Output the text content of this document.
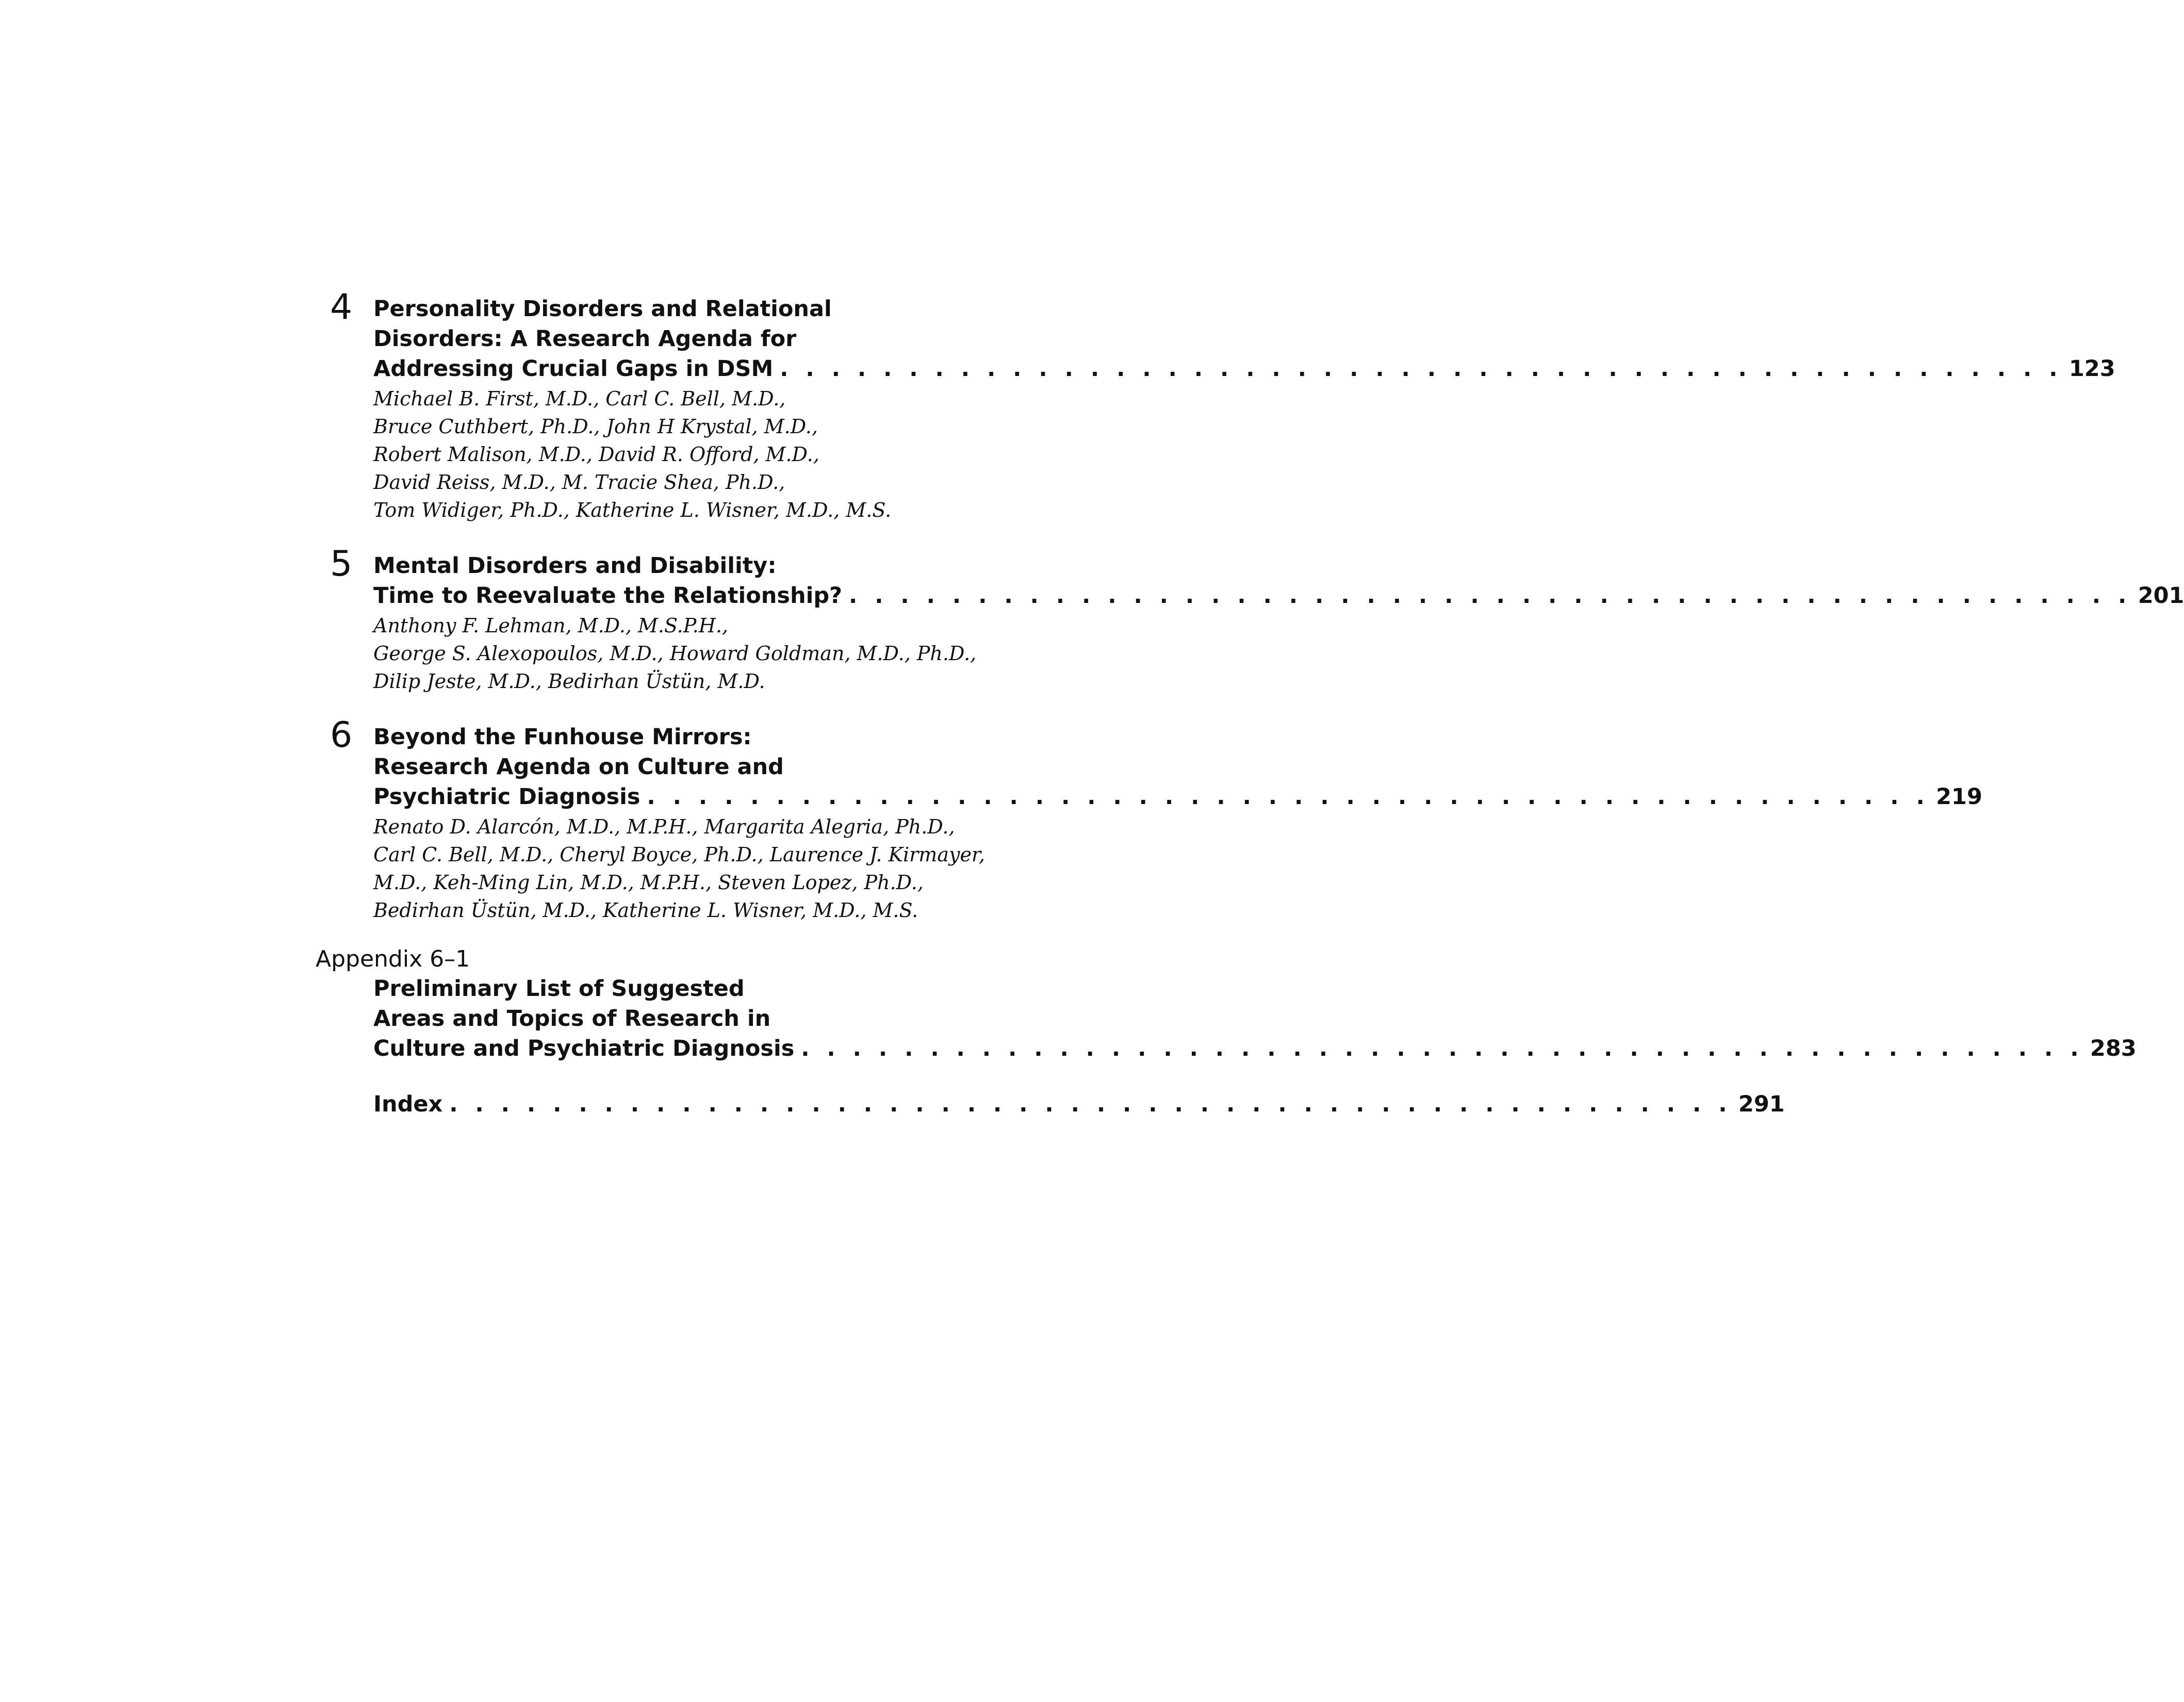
4 Personality Disorders and Relational
Disorders: A Research Agenda for
Addressing Crucial Gaps in DSM . . . . . . . . . . . . . . . . . . . . . . . . . . . . . . . . . . . . . . . . . . . . . . . . . . 123
Michael B. First, M.D., Carl C. Bell, M.D.,
Bruce Cuthbert, Ph.D., John H Krystal, M.D.,
Robert Malison, M.D., David R. Offord, M.D.,
David Reiss, M.D., M. Tracie Shea, Ph.D.,
Tom Widiger, Ph.D., Katherine L. Wisner, M.D., M.S.
5 Mental Disorders and Disability:
Time to Reevaluate the Relationship? . . . . . . . . . . . . . . . . . . . . . . . . . . . . . . . . . . . . . . . . . . . . . . . . . . 201
Anthony F. Lehman, M.D., M.S.P.H.,
George S. Alexopoulos, M.D., Howard Goldman, M.D., Ph.D.,
Dilip Jeste, M.D., Bedirhan Üstün, M.D.
6 Beyond the Funhouse Mirrors:
Research Agenda on Culture and
Psychiatric Diagnosis . . . . . . . . . . . . . . . . . . . . . . . . . . . . . . . . . . . . . . . . . . . . . . . . . . 219
Renato D. Alarcón, M.D., M.P.H., Margarita Alegria, Ph.D.,
Carl C. Bell, M.D., Cheryl Boyce, Ph.D., Laurence J. Kirmayer,
M.D., Keh-Ming Lin, M.D., M.P.H., Steven Lopez, Ph.D.,
Bedirhan Üstün, M.D., Katherine L. Wisner, M.D., M.S.
Appendix 6–1
Preliminary List of Suggested
Areas and Topics of Research in
Culture and Psychiatric Diagnosis . . . . . . . . . . . . . . . . . . . . . . . . . . . . . . . . . . . . . . . . . . . . . . . . . . 283
Index . . . . . . . . . . . . . . . . . . . . . . . . . . . . . . . . . . . . . . . . . . . . . . . . . . 291
